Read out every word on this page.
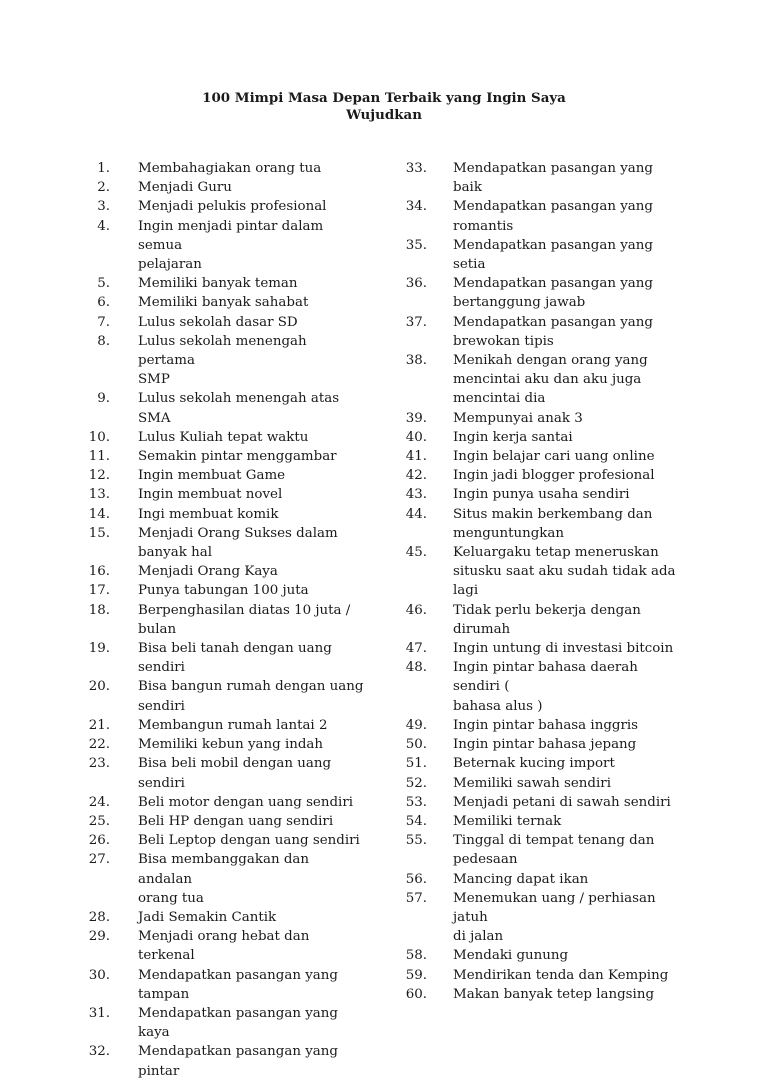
100 Mimpi Masa Depan Terbaik yang Ingin Saya
Wujudkan
1. Membahagiakan orang tua
2. Menjadi Guru
3. Menjadi pelukis profesional
4. Ingin menjadi pintar dalam semua
pelajaran
5. Memiliki banyak teman
6. Memiliki banyak sahabat
7. Lulus sekolah dasar SD
8. Lulus sekolah menengah pertama
SMP
9. Lulus sekolah menengah atas SMA
10. Lulus Kuliah tepat waktu
11. Semakin pintar menggambar
12. Ingin membuat Game
13. Ingin membuat novel
14. Ingi membuat komik
15. Menjadi Orang Sukses dalam
banyak hal
16. Menjadi Orang Kaya
17. Punya tabungan 100 juta
18. Berpenghasilan diatas 10 juta /
bulan
19. Bisa beli tanah dengan uang sendiri
20. Bisa bangun rumah dengan uang
sendiri
21. Membangun rumah lantai 2
22. Memiliki kebun yang indah
23. Bisa beli mobil dengan uang
sendiri
24. Beli motor dengan uang sendiri
25. Beli HP dengan uang sendiri
26. Beli Leptop dengan uang sendiri
27. Bisa membanggakan dan andalan
orang tua
28. Jadi Semakin Cantik
29. Menjadi orang hebat dan terkenal
30. Mendapatkan pasangan yang
tampan
31. Mendapatkan pasangan yang kaya
32. Mendapatkan pasangan yang pintar
33. Mendapatkan pasangan yang baik
34. Mendapatkan pasangan yang
romantis
35. Mendapatkan pasangan yang setia
36. Mendapatkan pasangan yang
bertanggung jawab
37. Mendapatkan pasangan yang
brewokan tipis
38. Menikah dengan orang yang
mencintai aku dan aku juga
mencintai dia
39. Mempunyai anak 3
40. Ingin kerja santai
41. Ingin belajar cari uang online
42. Ingin jadi blogger profesional
43. Ingin punya usaha sendiri
44. Situs makin berkembang dan
menguntungkan
45. Keluargaku tetap meneruskan
situsku saat aku sudah tidak ada
lagi
46. Tidak perlu bekerja dengan
dirumah
47. Ingin untung di investasi bitcoin
48. Ingin pintar bahasa daerah sendiri (
bahasa alus )
49. Ingin pintar bahasa inggris
50. Ingin pintar bahasa jepang
51. Beternak kucing import
52. Memiliki sawah sendiri
53. Menjadi petani di sawah sendiri
54. Memiliki ternak
55. Tinggal di tempat tenang dan
pedesaan
56. Mancing dapat ikan
57. Menemukan uang / perhiasan jatuh
di jalan
58. Mendaki gunung
59. Mendirikan tenda dan Kemping
60. Makan banyak tetep langsing
